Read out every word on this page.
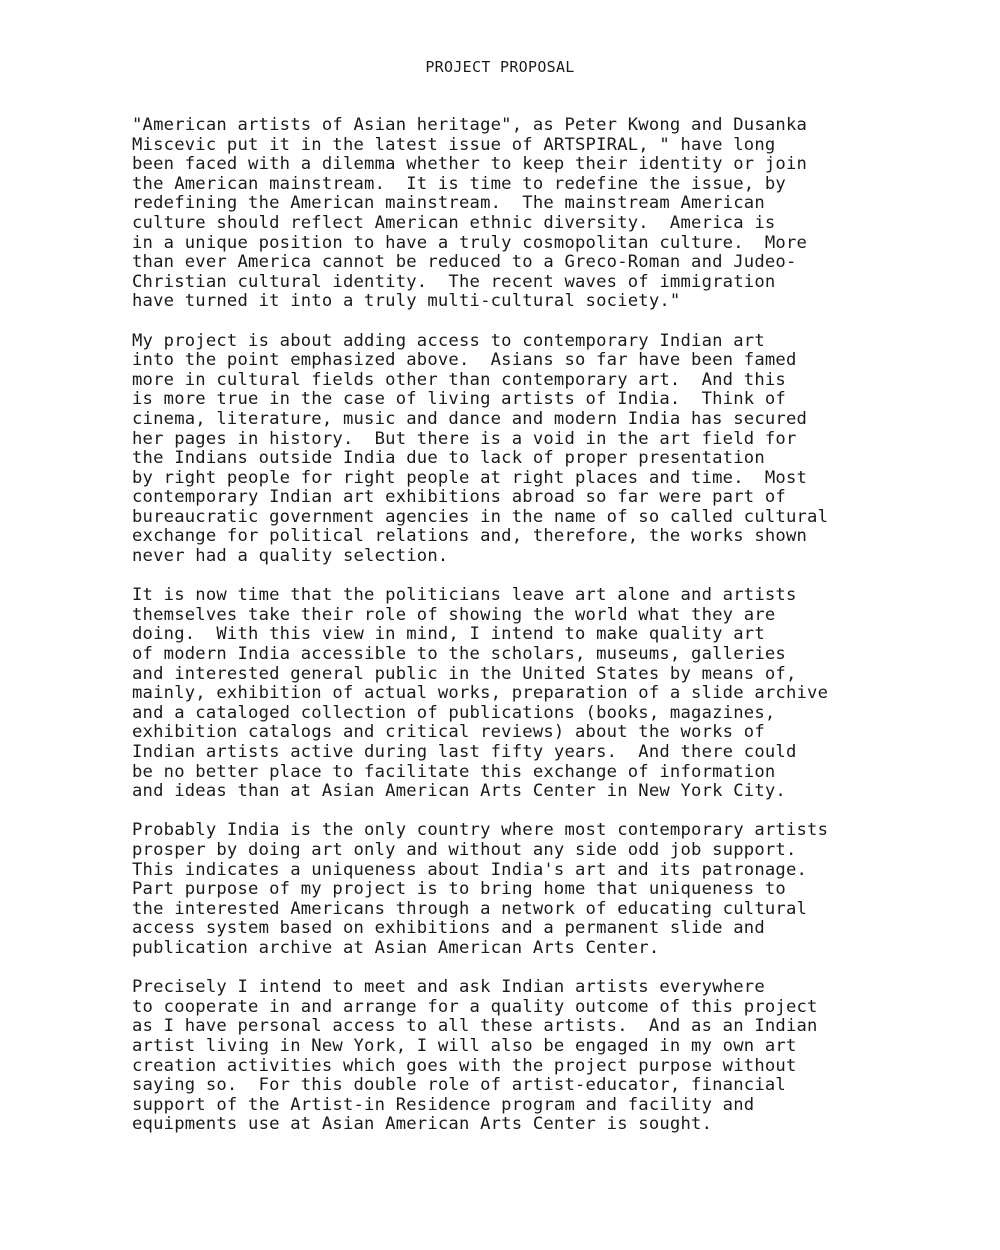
PROJECT PROPOSAL
"American artists of Asian heritage", as Peter Kwong and Dusanka
Miscevic put it in the latest issue of ARTSPIRAL, " have long
been faced with a dilemma whether to keep their identity or join
the American mainstream.  It is time to redefine the issue, by
redefining the American mainstream.  The mainstream American
culture should reflect American ethnic diversity.  America is
in a unique position to have a truly cosmopolitan culture.  More
than ever America cannot be reduced to a Greco-Roman and Judeo-
Christian cultural identity.  The recent waves of immigration
have turned it into a truly multi-cultural society."
My project is about adding access to contemporary Indian art
into the point emphasized above.  Asians so far have been famed
more in cultural fields other than contemporary art.  And this
is more true in the case of living artists of India.  Think of
cinema, literature, music and dance and modern India has secured
her pages in history.  But there is a void in the art field for
the Indians outside India due to lack of proper presentation
by right people for right people at right places and time.  Most
contemporary Indian art exhibitions abroad so far were part of
bureaucratic government agencies in the name of so called cultural
exchange for political relations and, therefore, the works shown
never had a quality selection.
It is now time that the politicians leave art alone and artists
themselves take their role of showing the world what they are
doing.  With this view in mind, I intend to make quality art
of modern India accessible to the scholars, museums, galleries
and interested general public in the United States by means of,
mainly, exhibition of actual works, preparation of a slide archive
and a cataloged collection of publications (books, magazines,
exhibition catalogs and critical reviews) about the works of
Indian artists active during last fifty years.  And there could
be no better place to facilitate this exchange of information
and ideas than at Asian American Arts Center in New York City.
Probably India is the only country where most contemporary artists
prosper by doing art only and without any side odd job support.
This indicates a uniqueness about India's art and its patronage.
Part purpose of my project is to bring home that uniqueness to
the interested Americans through a network of educating cultural
access system based on exhibitions and a permanent slide and
publication archive at Asian American Arts Center.
Precisely I intend to meet and ask Indian artists everywhere
to cooperate in and arrange for a quality outcome of this project
as I have personal access to all these artists.  And as an Indian
artist living in New York, I will also be engaged in my own art
creation activities which goes with the project purpose without
saying so.  For this double role of artist-educator, financial
support of the Artist-in Residence program and facility and
equipments use at Asian American Arts Center is sought.
